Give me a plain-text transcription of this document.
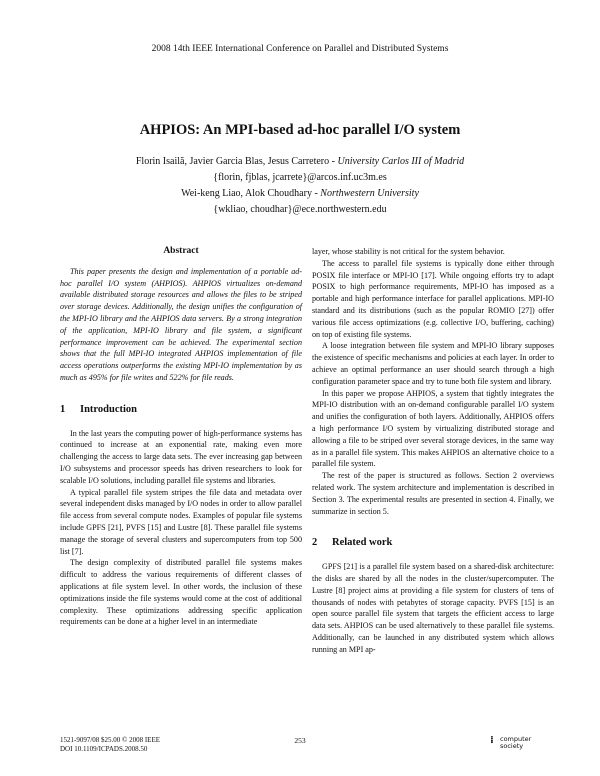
2008 14th IEEE International Conference on Parallel and Distributed Systems
AHPIOS: An MPI-based ad-hoc parallel I/O system
Florin Isailă, Javier Garcia Blas, Jesus Carretero - University Carlos III of Madrid
{florin, fjblas, jcarrete}@arcos.inf.uc3m.es
Wei-keng Liao, Alok Choudhary - Northwestern University
{wkliao, choudhar}@ece.northwestern.edu
Abstract

This paper presents the design and implementation of a portable ad-hoc parallel I/O system (AHPIOS). AHPIOS virtualizes on-demand available distributed storage resources and allows the files to be striped over storage devices. Additionally, the design unifies the configuration of the MPI-IO library and the AHPIOS data servers. By a strong integration of the application, MPI-IO library and file system, a significant performance improvement can be achieved. The experimental section shows that the full MPI-IO integrated AHPIOS implementation of file access operations outperforms the existing MPI-IO implementation by as much as 495% for file writes and 522% for file reads.

1 Introduction

In the last years the computing power of high-performance systems has continued to increase at an exponential rate, making even more challenging the access to large data sets. The ever increasing gap between I/O subsystems and processor speeds has driven researchers to look for scalable I/O solutions, including parallel file systems and libraries.

A typical parallel file system stripes the file data and metadata over several independent disks managed by I/O nodes in order to allow parallel file access from several compute nodes. Examples of popular file systems include GPFS [21], PVFS [15] and Lustre [8]. These parallel file systems manage the storage of several clusters and supercomputers from top 500 list [7].

The design complexity of distributed parallel file systems makes difficult to address the various requirements of different classes of applications at file system level. In other words, the inclusion of these optimizations inside the file systems would come at the cost of additional complexity. These optimizations addressing specific application requirements can be done at a higher level in an intermediate

layer, whose stability is not critical for the system behavior.

The access to parallel file systems is typically done either through POSIX file interface or MPI-IO [17]. While ongoing efforts try to adapt POSIX to high performance requirements, MPI-IO has imposed as a portable and high performance interface for parallel applications. MPI-IO standard and its distributions (such as the popular ROMIO [27]) offer various file access optimizations (e.g. collective I/O, buffering, caching) on top of existing file systems.

A loose integration between file system and MPI-IO library supposes the existence of specific mechanisms and policies at each layer. In order to achieve an optimal performance an user should search through a high configuration parameter space and try to tune both file system and library.

In this paper we propose AHPIOS, a system that tightly integrates the MPI-IO distribution with an on-demand configurable parallel I/O system and unifies the configuration of both layers. Additionally, AHPIOS offers a high performance I/O system by virtualizing distributed storage and allowing a file to be striped over several storage devices, in the same way as in a parallel file system. This makes AHPIOS an alternative choice to a parallel file system.

The rest of the paper is structured as follows. Section 2 overviews related work. The system architecture and implementation is described in Section 3. The experimental results are presented in section 4. Finally, we summarize in section 5.

2 Related work

GPFS [21] is a parallel file system based on a shared-disk architecture: the disks are shared by all the nodes in the cluster/supercomputer. The Lustre [8] project aims at providing a file system for clusters of tens of thousands of nodes with petabytes of storage capacity. PVFS [15] is an open source parallel file system that targets the efficient access to large data sets. AHPIOS can be used alternatively to these parallel file systems. Additionally, can be launched in any distributed system which allows running an MPI ap-

1521-9097/08 $25.00 © 2008 IEEE
DOI 10.1109/ICPADS.2008.50
253	⁞ computer society
